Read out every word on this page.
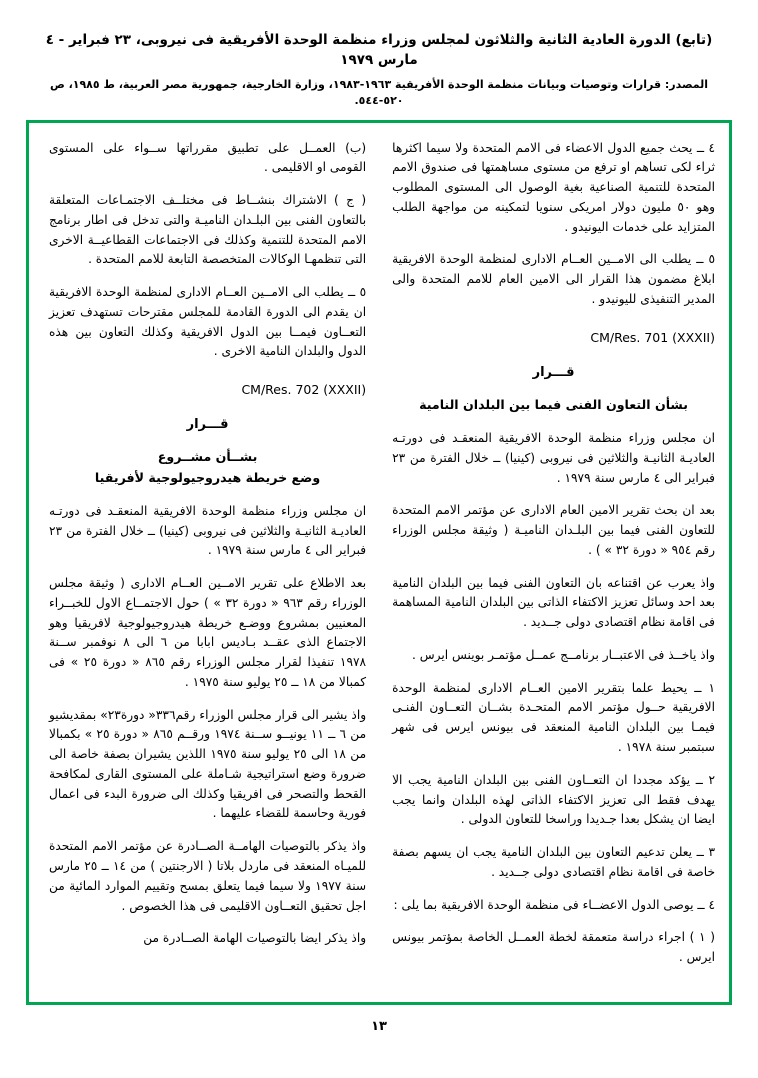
(تابع) الدورة العادية الثانية والثلاثون لمجلس وزراء منظمة الوحدة الأفريقية فى نيروبى، ٢٣ فبراير - ٤ مارس ١٩٧٩
المصدر: قرارات وتوصيات وبيانات منظمة الوحدة الأفريقية ١٩٦٣-١٩٨٣، وزارة الخارجية، جمهورية مصر العربية، ط ١٩٨٥، ص ٥٢٠-٥٤٤.

٤ ــ يحث جميع الدول الاعضاء فى الامم المتحدة ولا سيما اكثرها ثراء لكى تساهم او ترفع من مستوى مساهمتها فى صندوق الامم المتحدة للتنمية الصناعية بغية الوصول الى المستوى المطلوب وهو ٥٠ مليون دولار امريكى سنويا لتمكينه من مواجهة الطلب المتزايد على خدمات اليونيدو .

٥ ــ يطلب الى الامــين العــام الادارى لمنظمة الوحدة الافريقية ابلاغ مضمون هذا القرار الى الامين العام للامم المتحدة والى المدير التنفيذى لليونيدو .

CM/Res. 701 (XXXII)
قـــرار
بشأن التعاون الفنى فيما بين البلدان النامية

ان مجلس وزراء منظمة الوحدة الافريقية المنعقـد فى دورتـه العاديـة الثانيـة والثلاثين فى نيروبى (كينيا) ــ خلال الفترة من ٢٣ فبراير الى ٤ مارس سنة ١٩٧٩ .

بعد ان بحث تقرير الامين العام الادارى عن مؤتمر الامم المتحدة للتعاون الفنى فيما بين البلـدان الناميـة ( وثيقة مجلس الوزراء رقم ٩٥٤ « دورة ٣٢ » ) .

واذ يعرب عن اقتناعه بان التعاون الفنى فيما بين البلدان النامية بعد احد وسائل تعزيز الاكتفاء الذاتى بين البلدان النامية المساهمة فى اقامة نظام اقتصادى دولى جــديد .

واذ ياخــذ فى الاعتبــار برنامــج عمــل مؤتمـر بوينس ايرس .

١ ــ يحيط علما بتقرير الامين العــام الادارى لمنظمة الوحدة الافريقية حــول مؤتمر الامم المتحـدة بشــان التعــاون الفنـى فيمـا بين البلدان النامية المنعقد فى بيونس ايرس فى شهر سبتمبر سنة ١٩٧٨ .

٢ ــ يؤكد مجددا ان التعــاون الفنى بين البلدان النامية يجب الا يهدف فقط الى تعزيز الاكتفاء الذاتى لهذه البلدان وانما يجب ايضا ان يشكل بعدا جـديدا وراسخا للتعاون الدولى .

٣ ــ يعلن تدعيم التعاون بين البلدان النامية يجب ان يسهم بصفة خاصة فى اقامة نظام اقتصادى دولى جــديد .

٤ ــ يوصى الدول الاعضــاء فى منظمة الوحدة الافريقية بما يلى :

( ١ ) اجراء دراسة متعمقة لخطة العمــل الخاصة بمؤتمر بيونس ايرس .

(ب) العمــل على تطبيق مقرراتها ســواء على المستوى القومى او الاقليمى .

( ج ) الاشتراك بنشــاط فى مختلــف الاجتمـاعات المتعلقة بالتعاون الفنى بين البلـدان الناميـة والتى تدخل فى اطار برنامج الامم المتحدة للتنمية وكذلك فى الاجتماعات القطاعيــة الاخرى التى تنظمهـا الوكالات المتخصصة التابعة للامم المتحدة .

٥ ــ يطلب الى الامــين العــام الادارى لمنظمة الوحدة الافريقية ان يقدم الى الدورة القادمة للمجلس مقترحات تستهدف تعزيز التعــاون فيمــا بين الدول الافريقية وكذلك التعاون بين هذه الدول والبلدان النامية الاخرى .

CM/Res. 702 (XXXII)
قـــرار
بشــأن مشــروع
وضع خريطة هيدروجيولوجية لأفريقيا

ان مجلس وزراء منظمة الوحدة الافريقية المنعقـد فى دورتـه العاديـة الثانيـة والثلاثين فى نيروبى (كينيا) ــ خلال الفترة من ٢٣ فبراير الى ٤ مارس سنة ١٩٧٩ .

بعد الاطلاع على تقرير الامــين العــام الادارى ( وثيقة مجلس الوزراء رقم ٩٦٣ « دورة ٣٢ » ) حول الاجتمــاع الاول للخبــراء المعنيين بمشروع ووضـع خريطة هيدروجيولوجية لافريقيا وهو الاجتماع الذى عقــد بـاديس ابابا من ٦ الى ٨ نوفمبر ســنة ١٩٧٨ تنفيذا لقرار مجلس الوزراء رقم ٨٦٥ « دورة ٢٥ » فى كمبالا من ١٨ ــ ٢٥ يوليو سنة ١٩٧٥ .

واذ يشير الى قرار مجلس الوزراء رقم٣٣٦« دورة٢٣» بمقديشيو من ٦ ــ ١١ يونيــو ســنة ١٩٧٤ ورقــم ٨٦٥ « دورة ٢٥ » بكمبالا من ١٨ الى ٢٥ يوليو سنة ١٩٧٥ اللذين يشيران بصفة خاصة الى ضرورة وضع استراتيجية شـاملة على المستوى القارى لمكافحة القحط والتصحر فى افريقيا وكذلك الى ضرورة البدء فى اعمال فورية وحاسمة للقضاء عليهما .

واذ يذكر بالتوصيات الهامــة الصــادرة عن مؤتمر الامم المتحدة للميـاه المنعقد فى ماردل بلاتا ( الارجنتين ) من ١٤ ــ ٢٥ مارس سنة ١٩٧٧ ولا سيما فيما يتعلق بمسح وتقييم الموارد المائية من اجل تحقيق التعــاون الاقليمى فى هذا الخصوص .

واذ يذكر ايضا بالتوصيات الهامة الصــادرة من

١٣
